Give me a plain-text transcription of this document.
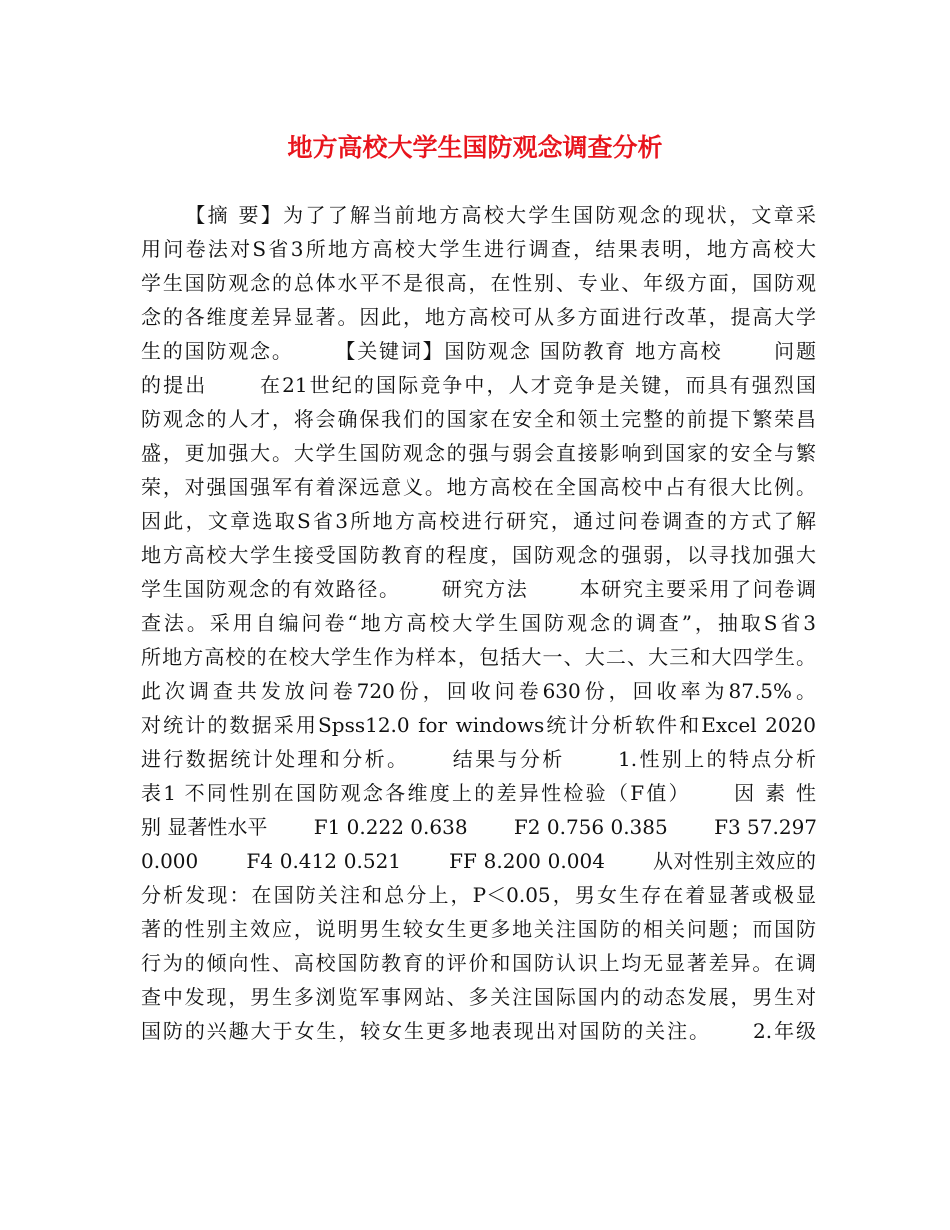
地方高校大学生国防观念调查分析
【摘 要】为了了解当前地方高校大学生国防观念的现状，文章采
用问卷法对S省3所地方高校大学生进行调查，结果表明，地方高校大
学生国防观念的总体水平不是很高，在性别、专业、年级方面，国防观
念的各维度差异显著。因此，地方高校可从多方面进行改革，提高大学
生的国防观念。　　 【关键词】国防观念 国防教育 地方高校　　 问题
的提出　　 在21世纪的国际竞争中，人才竞争是关键，而具有强烈国
防观念的人才，将会确保我们的国家在安全和领土完整的前提下繁荣昌
盛，更加强大。大学生国防观念的强与弱会直接影响到国家的安全与繁
荣，对强国强军有着深远意义。地方高校在全国高校中占有很大比例。
因此，文章选取S省3所地方高校进行研究，通过问卷调查的方式了解
地方高校大学生接受国防教育的程度，国防观念的强弱，以寻找加强大
学生国防观念的有效路径。　　 研究方法　　 本研究主要采用了问卷调
查法。采用自编问卷“地方高校大学生国防观念的调查”，抽取S省3
所地方高校的在校大学生作为样本，包括大一、大二、大三和大四学生。
此次调查共发放问卷720份，回收问卷630份，回收率为87.5%。
对统计的数据采用Spss12.0 for windows统计分析软件和Excel 2020
进行数据统计处理和分析。　　 结果与分析　　 1.性别上的特点分析
表1 不同性别在国防观念各维度上的差异性检验（F值）　　 因 素 性
别 显著性水平　　 F1 0.222 0.638　　 F2 0.756 0.385　　 F3 57.297
0.000　　 F4 0.412 0.521　　 FF 8.200 0.004　　 从对性别主效应的
分析发现：在国防关注和总分上，P＜0.05，男女生存在着显著或极显
著的性别主效应，说明男生较女生更多地关注国防的相关问题；而国防
行为的倾向性、高校国防教育的评价和国防认识上均无显著差异。在调
查中发现，男生多浏览军事网站、多关注国际国内的动态发展，男生对
国防的兴趣大于女生，较女生更多地表现出对国防的关注。　　 2.年级
